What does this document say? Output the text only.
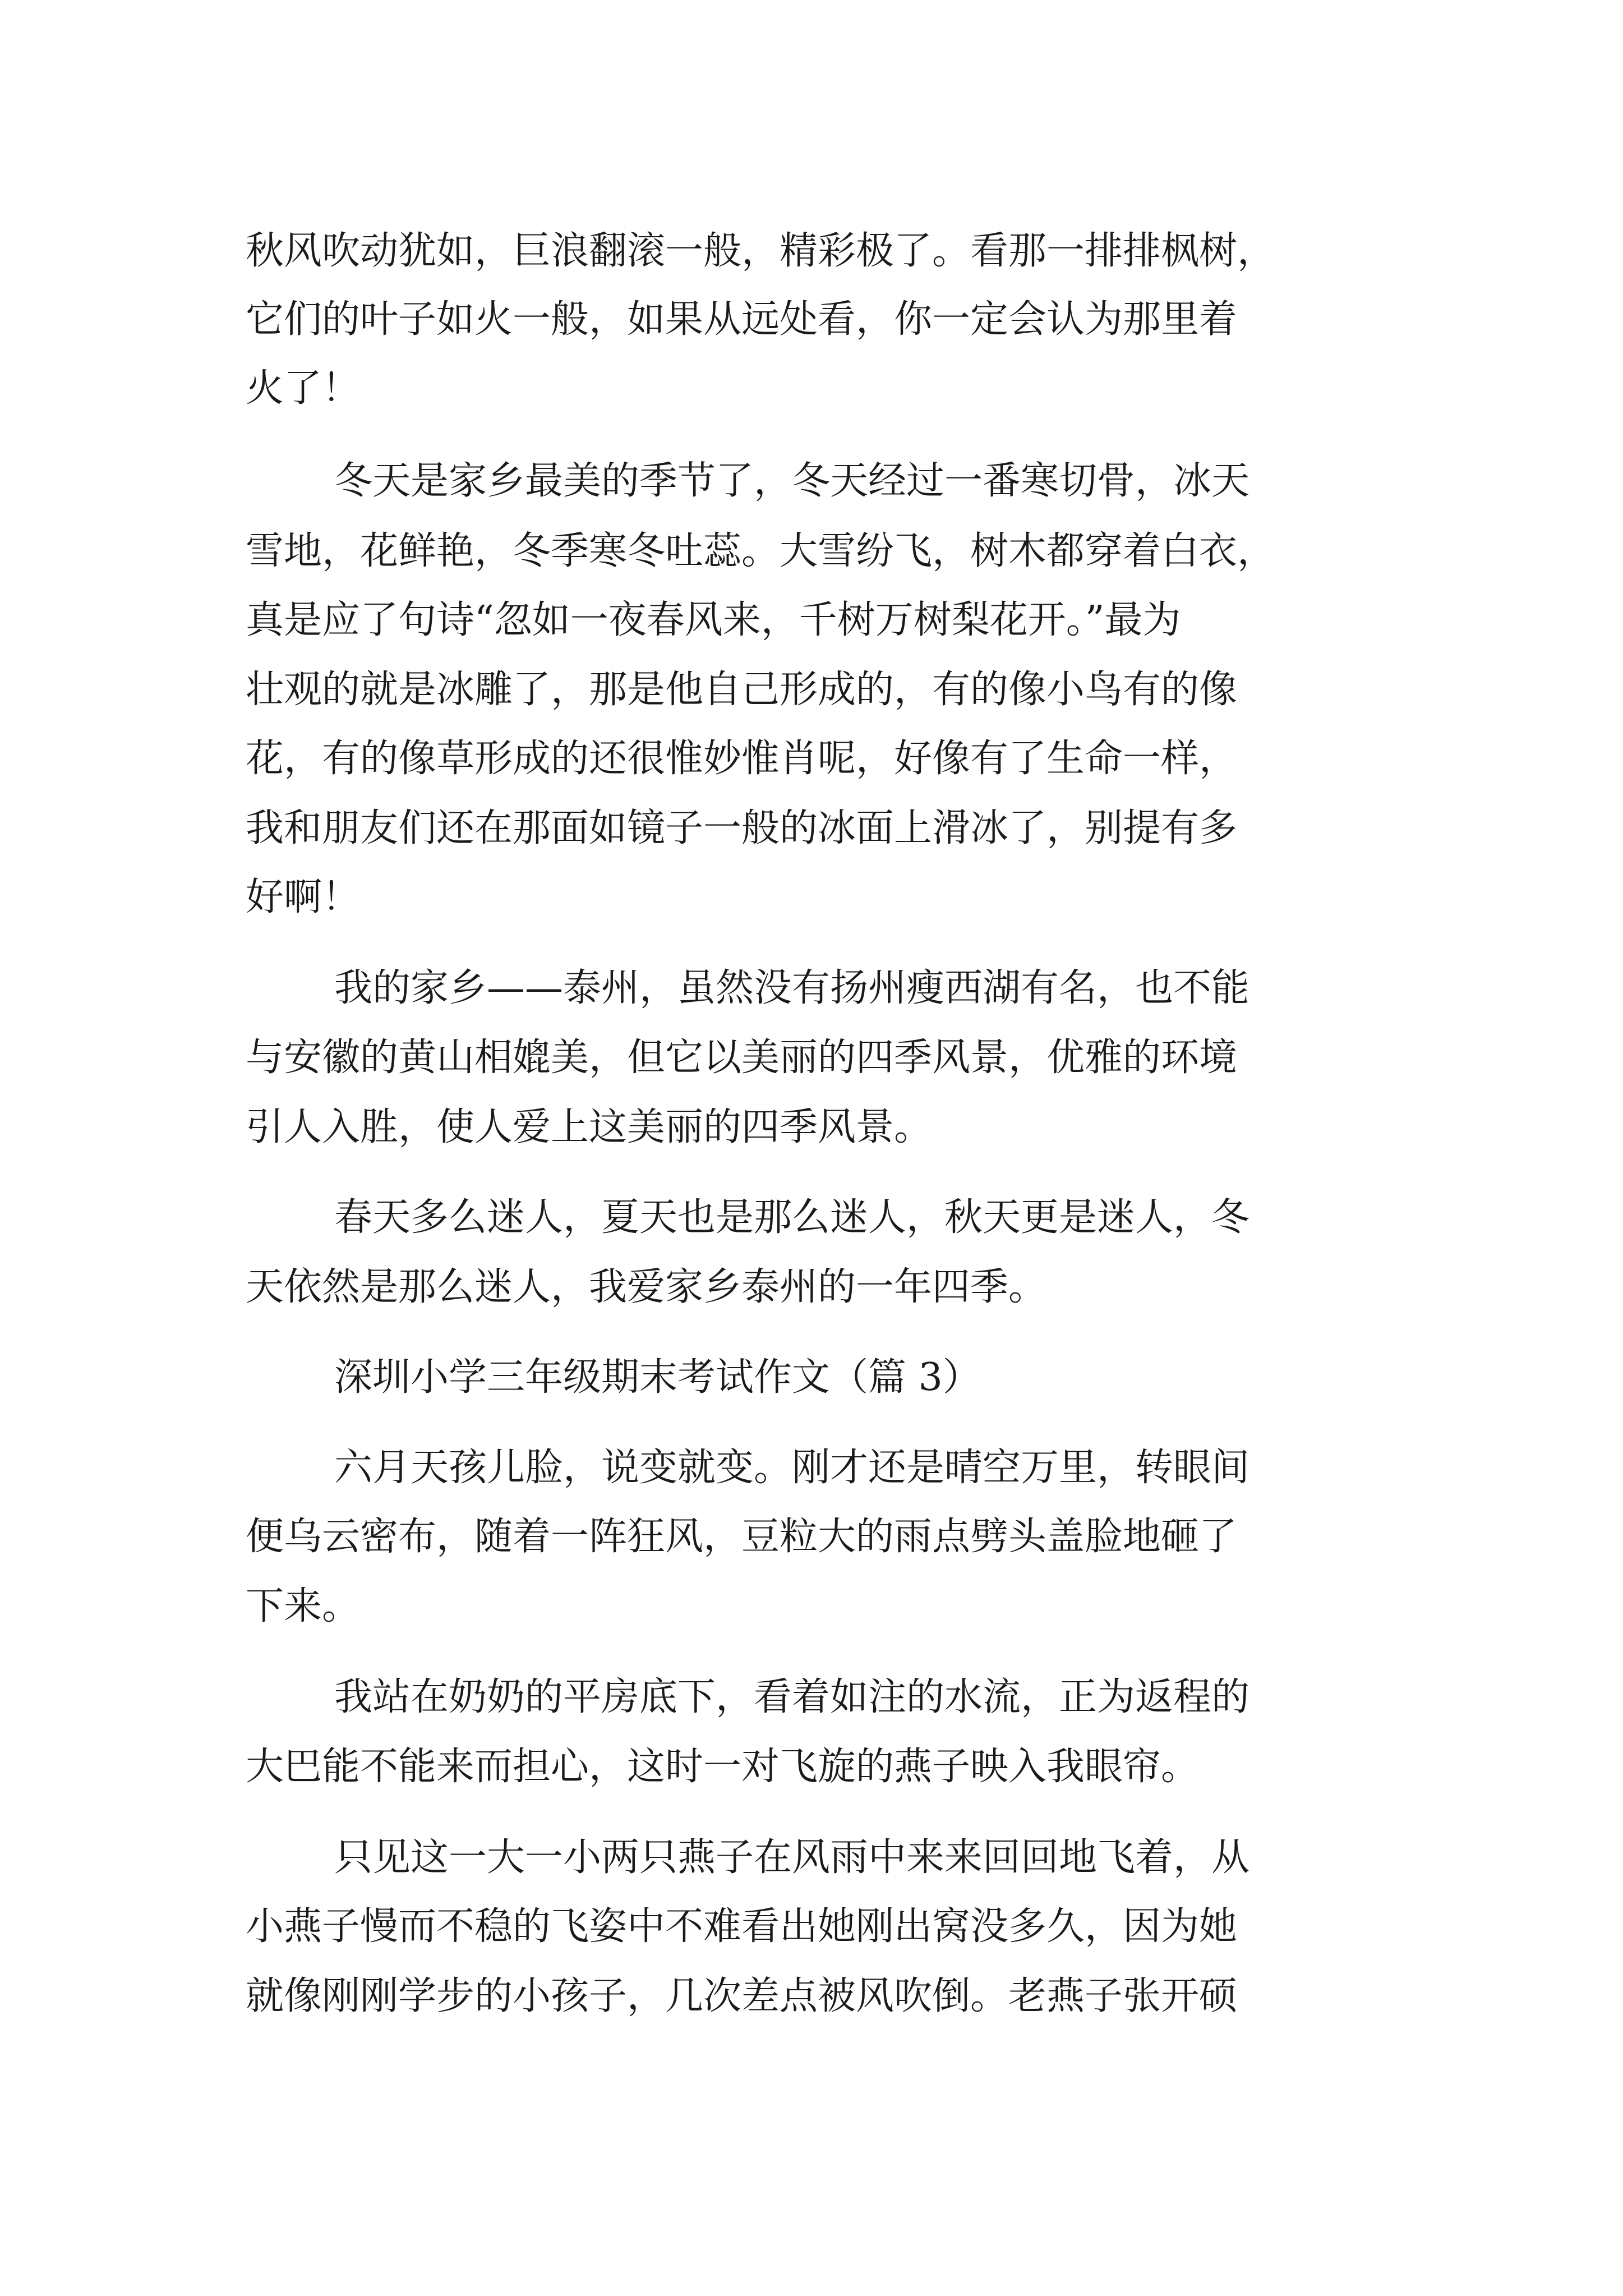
秋风吹动犹如，巨浪翻滚一般，精彩极了。看那一排排枫树，
它们的叶子如火一般，如果从远处看，你一定会认为那里着
火了！
冬天是家乡最美的季节了，冬天经过一番寒切骨，冰天
雪地，花鲜艳，冬季寒冬吐蕊。大雪纷飞，树木都穿着白衣，
真是应了句诗“忽如一夜春风来，千树万树梨花开。”最为
壮观的就是冰雕了，那是他自己形成的，有的像小鸟有的像
花，有的像草形成的还很惟妙惟肖呢，好像有了生命一样，
我和朋友们还在那面如镜子一般的冰面上滑冰了，别提有多
好啊！
我的家乡——泰州，虽然没有扬州瘦西湖有名，也不能
与安徽的黄山相媲美，但它以美丽的四季风景，优雅的环境
引人入胜，使人爱上这美丽的四季风景。
春天多么迷人，夏天也是那么迷人，秋天更是迷人，冬
天依然是那么迷人，我爱家乡泰州的一年四季。
深圳小学三年级期末考试作文（篇 3）
六月天孩儿脸，说变就变。刚才还是晴空万里，转眼间
便乌云密布，随着一阵狂风，豆粒大的雨点劈头盖脸地砸了
下来。
我站在奶奶的平房底下，看着如注的水流，正为返程的
大巴能不能来而担心，这时一对飞旋的燕子映入我眼帘。
只见这一大一小两只燕子在风雨中来来回回地飞着，从
小燕子慢而不稳的飞姿中不难看出她刚出窝没多久，因为她
就像刚刚学步的小孩子，几次差点被风吹倒。老燕子张开硕
